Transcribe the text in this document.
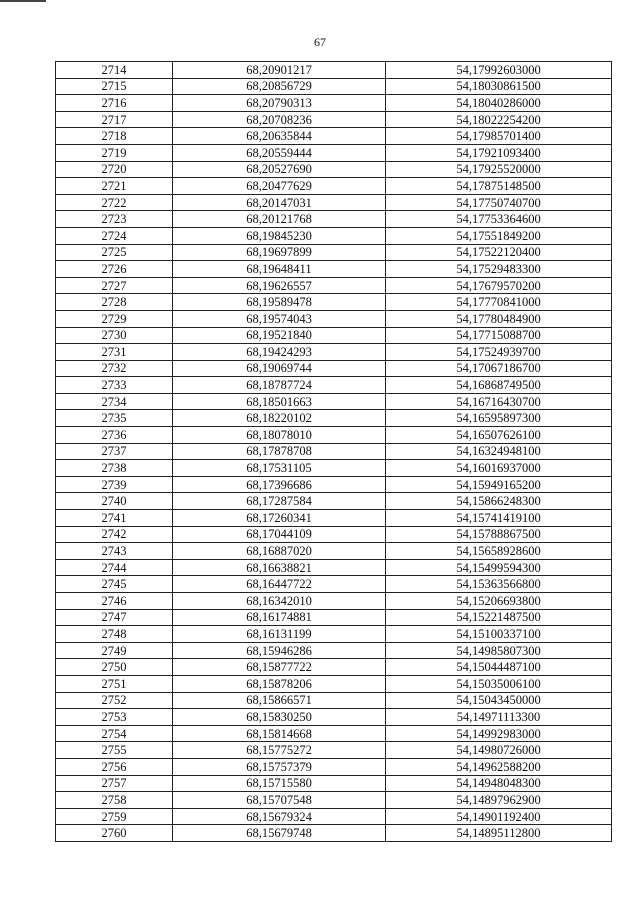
67
2714	68,20901217	54,17992603000
2715	68,20856729	54,18030861500
2716	68,20790313	54,18040286000
2717	68,20708236	54,18022254200
2718	68,20635844	54,17985701400
2719	68,20559444	54,17921093400
2720	68,20527690	54,17925520000
2721	68,20477629	54,17875148500
2722	68,20147031	54,17750740700
2723	68,20121768	54,17753364600
2724	68,19845230	54,17551849200
2725	68,19697899	54,17522120400
2726	68,19648411	54,17529483300
2727	68,19626557	54,17679570200
2728	68,19589478	54,17770841000
2729	68,19574043	54,17780484900
2730	68,19521840	54,17715088700
2731	68,19424293	54,17524939700
2732	68,19069744	54,17067186700
2733	68,18787724	54,16868749500
2734	68,18501663	54,16716430700
2735	68,18220102	54,16595897300
2736	68,18078010	54,16507626100
2737	68,17878708	54,16324948100
2738	68,17531105	54,16016937000
2739	68,17396686	54,15949165200
2740	68,17287584	54,15866248300
2741	68,17260341	54,15741419100
2742	68,17044109	54,15788867500
2743	68,16887020	54,15658928600
2744	68,16638821	54,15499594300
2745	68,16447722	54,15363566800
2746	68,16342010	54,15206693800
2747	68,16174881	54,15221487500
2748	68,16131199	54,15100337100
2749	68,15946286	54,14985807300
2750	68,15877722	54,15044487100
2751	68,15878206	54,15035006100
2752	68,15866571	54,15043450000
2753	68,15830250	54,14971113300
2754	68,15814668	54,14992983000
2755	68,15775272	54,14980726000
2756	68,15757379	54,14962588200
2757	68,15715580	54,14948048300
2758	68,15707548	54,14897962900
2759	68,15679324	54,14901192400
2760	68,15679748	54,14895112800
